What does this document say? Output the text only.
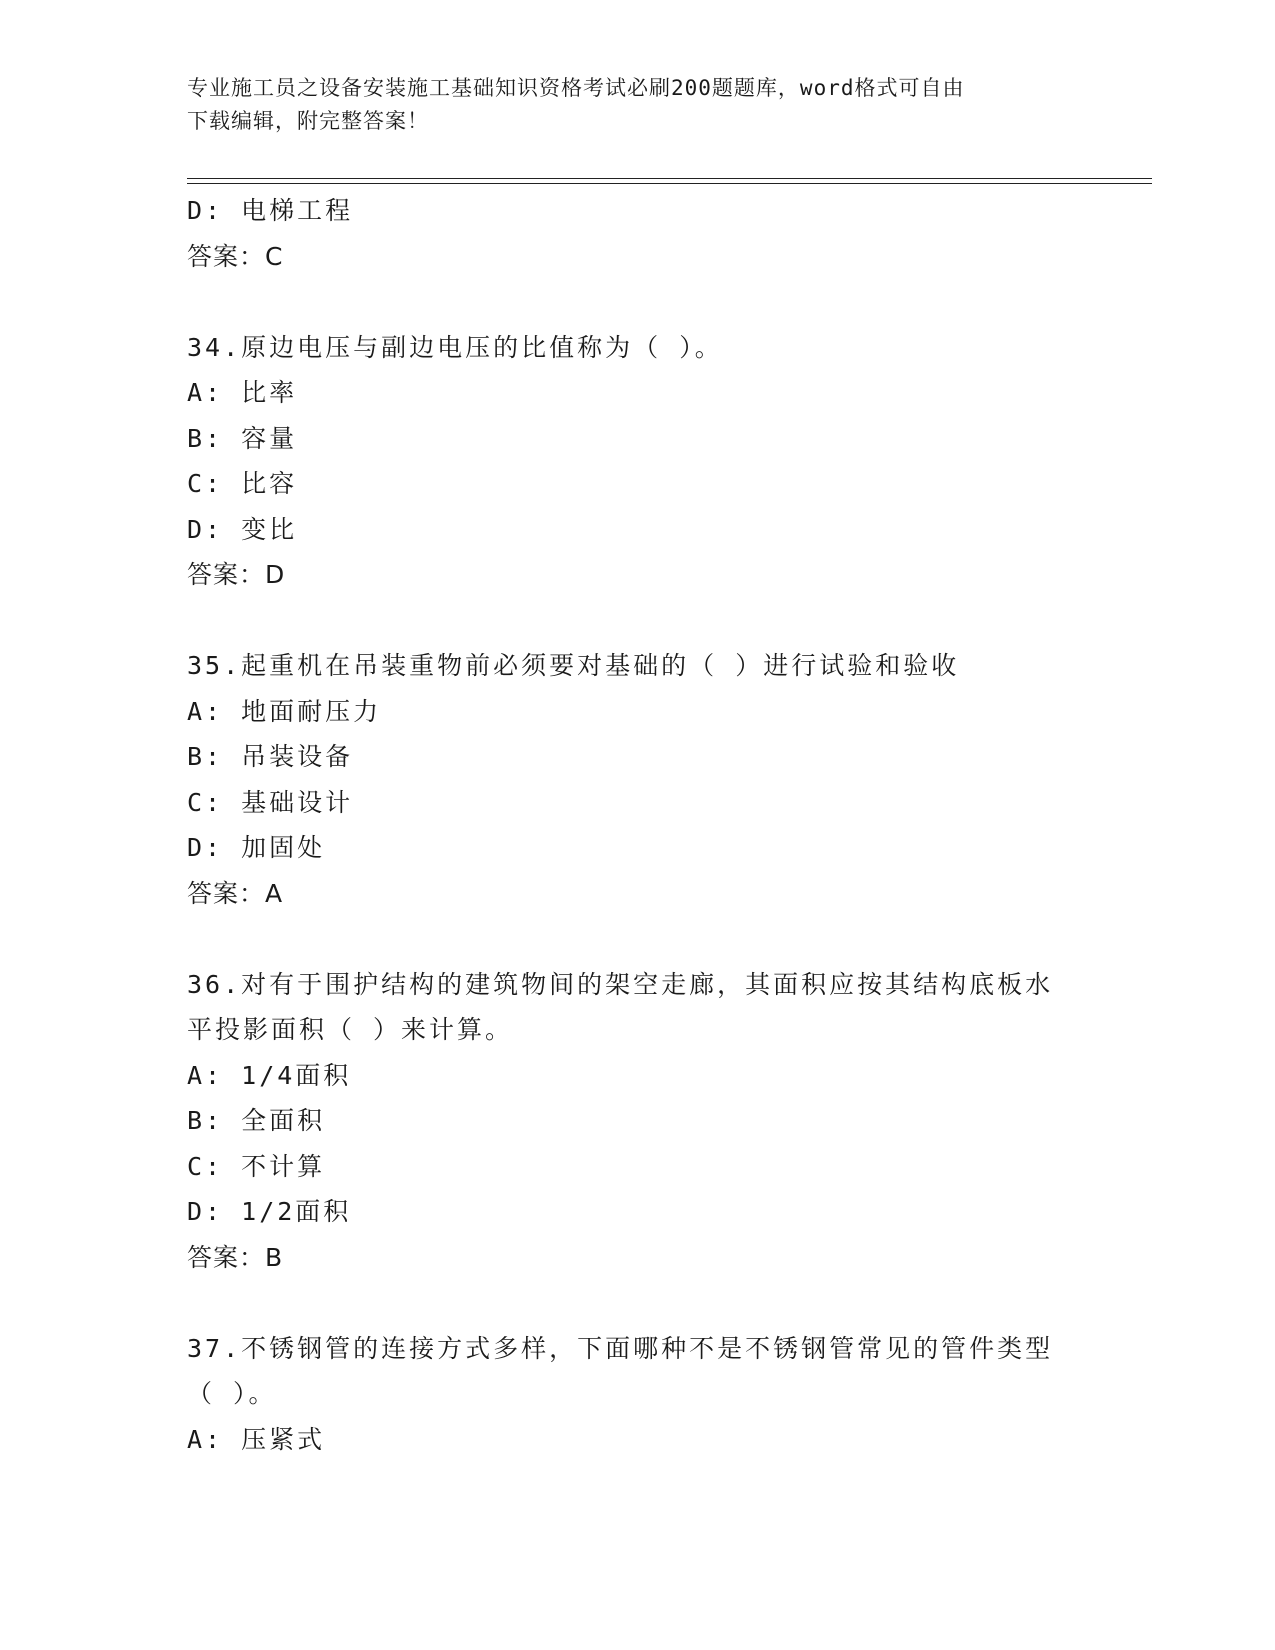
专业施工员之设备安装施工基础知识资格考试必刷200题题库，word格式可自由
下载编辑，附完整答案！
D: 电梯工程
答案：C
34.原边电压与副边电压的比值称为（ ）。
A: 比率
B: 容量
C: 比容
D: 变比
答案：D
35.起重机在吊装重物前必须要对基础的（ ）进行试验和验收
A: 地面耐压力
B: 吊装设备
C: 基础设计
D: 加固处
答案：A
36.对有于围护结构的建筑物间的架空走廊，其面积应按其结构底板水
平投影面积（ ）来计算。
A: 1/4面积
B: 全面积
C: 不计算
D: 1/2面积
答案：B
37.不锈钢管的连接方式多样，下面哪种不是不锈钢管常见的管件类型
（ ）。
A: 压紧式
